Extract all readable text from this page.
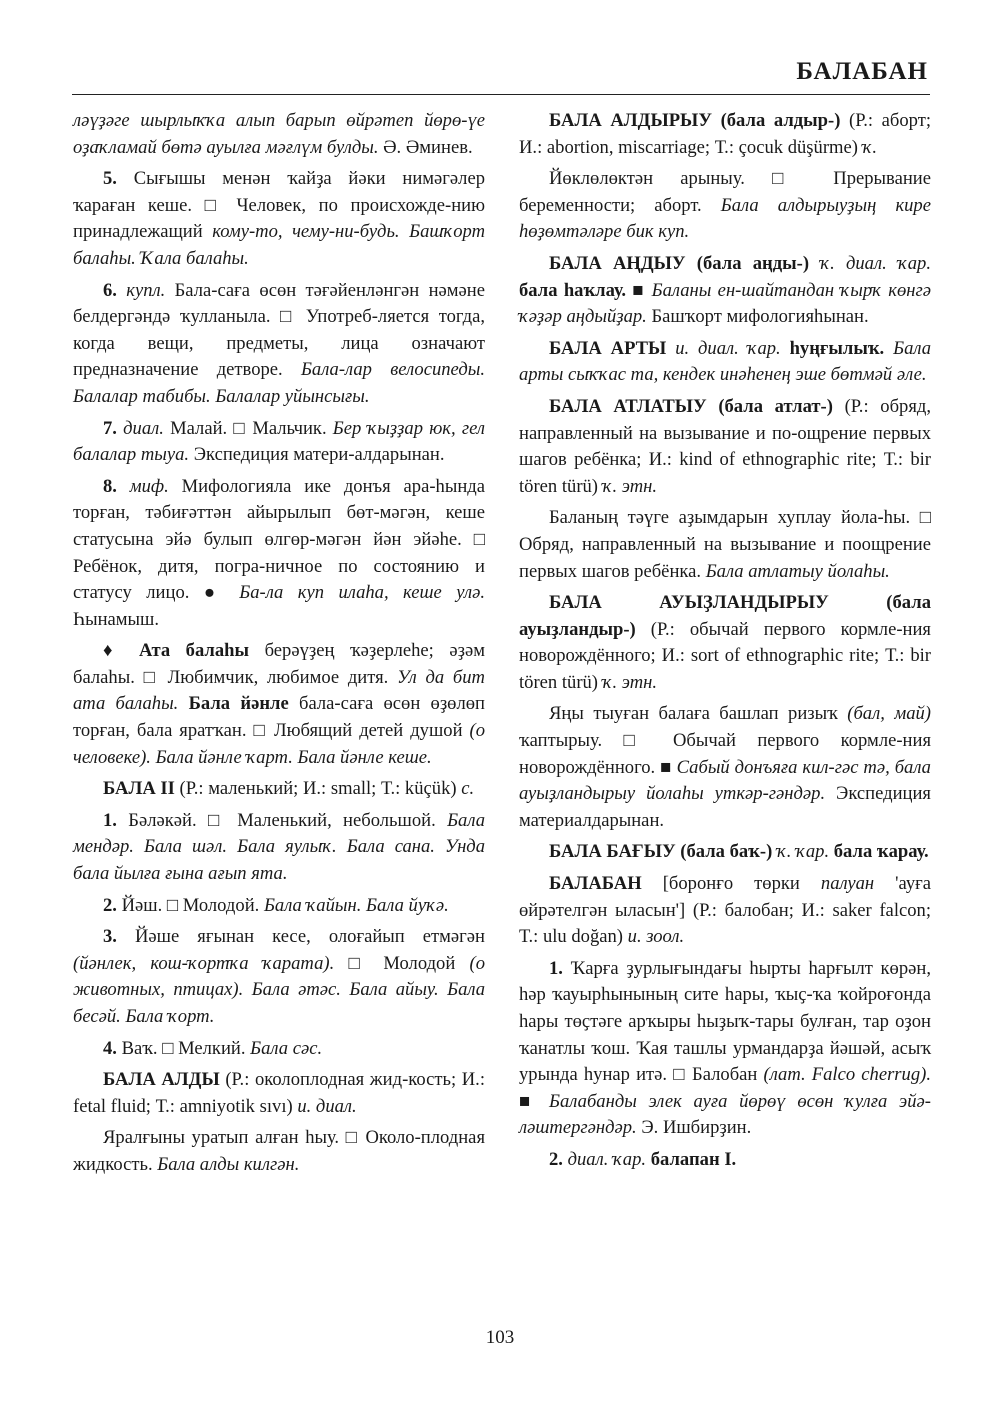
БАЛАБАН

ләүҙәге шырлыҡҡа алып барып өйрәтеп йөрө-үе оҙаҡламай бөтә ауылға мәғлүм булды. Ә. Әминев.

5. Сығышы менән ҡайҙа йәки нимәгәлер ҡараған кеше. □ Человек, по происхожде-нию принадлежащий кому-то, чему-ни-будь. Башҡорт балаһы. Ҡала балаһы.

6. купл. Бала-саға өсөн тәғәйенләнгән нәмәне белдергәндә ҡулланыла. □ Употреб-ляется тогда, когда вещи, предметы, лица означают предназначение детворе. Бала-лар велосипеды. Балалар табибы. Балалар уйынсығы.

7. диал. Малай. □ Мальчик. Бер ҡыҙҙар юк, гел балалар тыуа. Экспедиция матери-алдарынан.

8. миф. Мифологияла ике донъя ара-һында торған, тәбиғәттән айырылып бөт-мәгән, кеше статусына эйә булып өлгөр-мәгән йән эйәһе. □ Ребёнок, дитя, погра-ничное по состоянию и статусу лицо. ● Ба-ла куп илаһа, кеше улә. Һынамыш.

♦ Ата балаһы берәүҙең ҡәҙерлеһе; әҙәм балаһы. □ Любимчик, любимое дитя. Ул да бит ата балаһы. Бала йәнле бала-саға өсөн өҙөлөп торған, бала яратҡан. □ Любящий детей душой (о человеке). Бала йәнле ҡарт. Бала йәнле кеше.

БАЛА II (Р.: маленький; И.: small; Т.: küçük) с.

1. Бәләкәй. □ Маленький, небольшой. Бала мендәр. Бала шәл. Бала яулыҡ. Бала сана. Унда бала йылға ғына ағып ята.

2. Йәш. □ Молодой. Бала ҡайын. Бала йуҡә.

3. Йәше яғынан кесе, олоғайып етмәгән (йәнлек, кош-ҡортҡа ҡарата). □ Молодой (о животных, птицах). Бала әтәс. Бала айыу. Бала бесәй. Бала ҡорт.

4. Ваҡ. □ Мелкий. Бала сәс.

БАЛА АЛДЫ (Р.: околоплодная жид-кость; И.: fetal fluid; Т.: amniyotik sıvı) и. диал.

Яралғыны уратып алған һыу. □ Около-плодная жидкость. Бала алды килгән.

БАЛА АЛДЫРЫУ (бала алдыр-) (Р.: аборт; И.: abortion, miscarriage; Т.: çocuk düşürme) ҡ.

Йөклөлөктән арыныу. □ Прерывание беременности; аборт. Бала алдырыуҙың кире һөҙөмтәләре бик куп.

БАЛА АҢДЫУ (бала аңды-) ҡ. диал. ҡар. бала һаҡлау. ■ Баланы ен-шайтандан ҡырҡ көнгә ҡәҙәр аңдыйҙар. Башҡорт мифологияһынан.

БАЛА АРТЫ и. диал. ҡар. һуңғылыҡ. Бала арты сыҡҡас та, кендек инәһенең эше бөтмәй әле.

БАЛА АТЛАТЫУ (бала атлат-) (Р.: обряд, направленный на вызывание и по-ощрение первых шагов ребёнка; И.: kind of ethnographic rite; Т.: bir tören türü) ҡ. этн.

Баланың тәүге аҙымдарын хуплау йола-һы. □ Обряд, направленный на вызывание и поощрение первых шагов ребёнка. Бала атлатыу йолаһы.

БАЛА АУЫҘЛАНДЫРЫУ (бала ауыҙландыр-) (Р.: обычай первого кормле-ния новорождённого; И.: sort of ethnographic rite; Т.: bir tören türü) ҡ. этн.

Яңы тыуған балаға башлап ризыҡ (бал, май) ҡаптырыу. □ Обычай первого кормле-ния новорождённого. ■ Сабый донъяға кил-гәс тә, бала ауыҙландырыу йолаһы уткәр-гәндәр. Экспедиция материалдарынан.

БАЛА БАҒЫУ (бала баҡ-) ҡ. ҡар. бала ҡарау.

БАЛАБАН [боронғо төрки палуан 'ауға өйрәтелгән ыласын'] (Р.: балобан; И.: saker falcon; Т.: ulu doğan) и. зоол.

1. Ҡарға ҙурлығындағы һырты һарғылт көрән, һәр ҡауырһынының сите һары, ҡыҫ-ҡа ҡойроғонда һары төҫтәге арҡыры һыҙыҡ-тары булған, тар оҙон ҡанатлы ҡош. Ҡая ташлы урмандарҙа йәшәй, асыҡ урында һунар итә. □ Балобан (лат. Falco cherrug). ■ Балабанды элек ауға йөрөү өсөн ҡулға эйә-ләштергәндәр. Э. Ишбирҙин.

2. диал. ҡар. балапан I.

103
